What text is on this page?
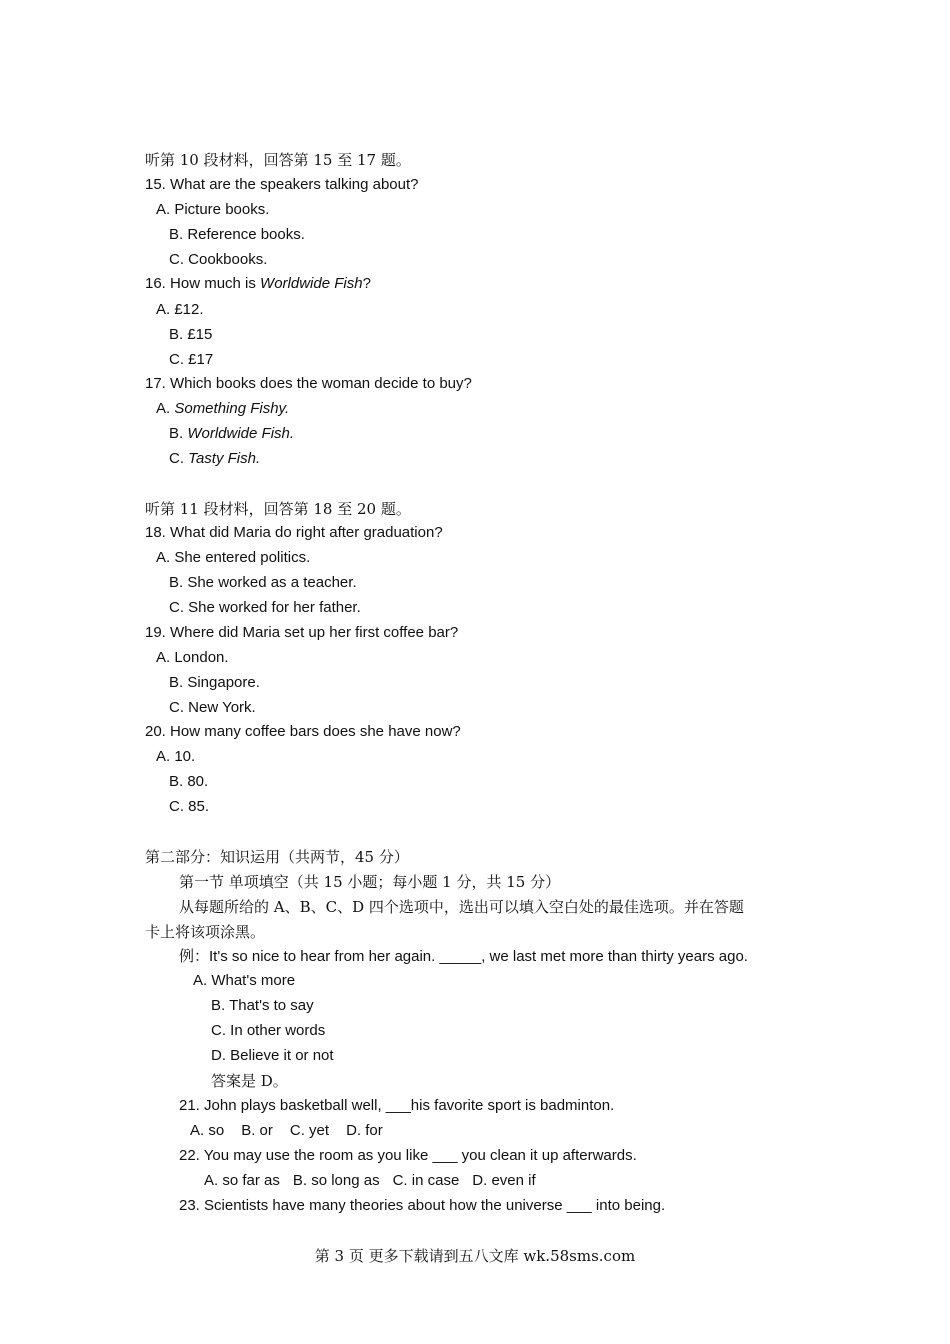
听第 10 段材料，回答第 15 至 17 题。
15. What are the speakers talking about?
A. Picture books.
B. Reference books.
C. Cookbooks.
16. How much is Worldwide Fish?
A. £12.
B. £15
C. £17
17. Which books does the woman decide to buy?
A. Something Fishy.
B. Worldwide Fish.
C. Tasty Fish.
听第 11 段材料，回答第 18 至 20 题。
18. What did Maria do right after graduation?
A. She entered politics.
B. She worked as a teacher.
C. She worked for her father.
19. Where did Maria set up her first coffee bar?
A. London.
B. Singapore.
C. New York.
20. How many coffee bars does she have now?
A. 10.
B. 80.
C. 85.
第二部分：知识运用（共两节，45 分）
第一节 单项填空（共 15 小题；每小题 1 分，共 15 分）
从每题所给的 A、B、C、D 四个选项中，选出可以填入空白处的最佳选项。并在答题
卡上将该项涂黑。
例：It's so nice to hear from her again. _____, we last met more than thirty years ago.
A. What's more
B. That's to say
C. In other words
D. Believe it or not
答案是 D。
21. John plays basketball well, ___his favorite sport is badminton.
A. so B. or C. yet D. for
22. You may use the room as you like ___ you clean it up afterwards.
A. so far as B. so long as C. in case D. even if
23. Scientists have many theories about how the universe ___ into being.
第 3 页 更多下载请到五八文库 wk.58sms.com
